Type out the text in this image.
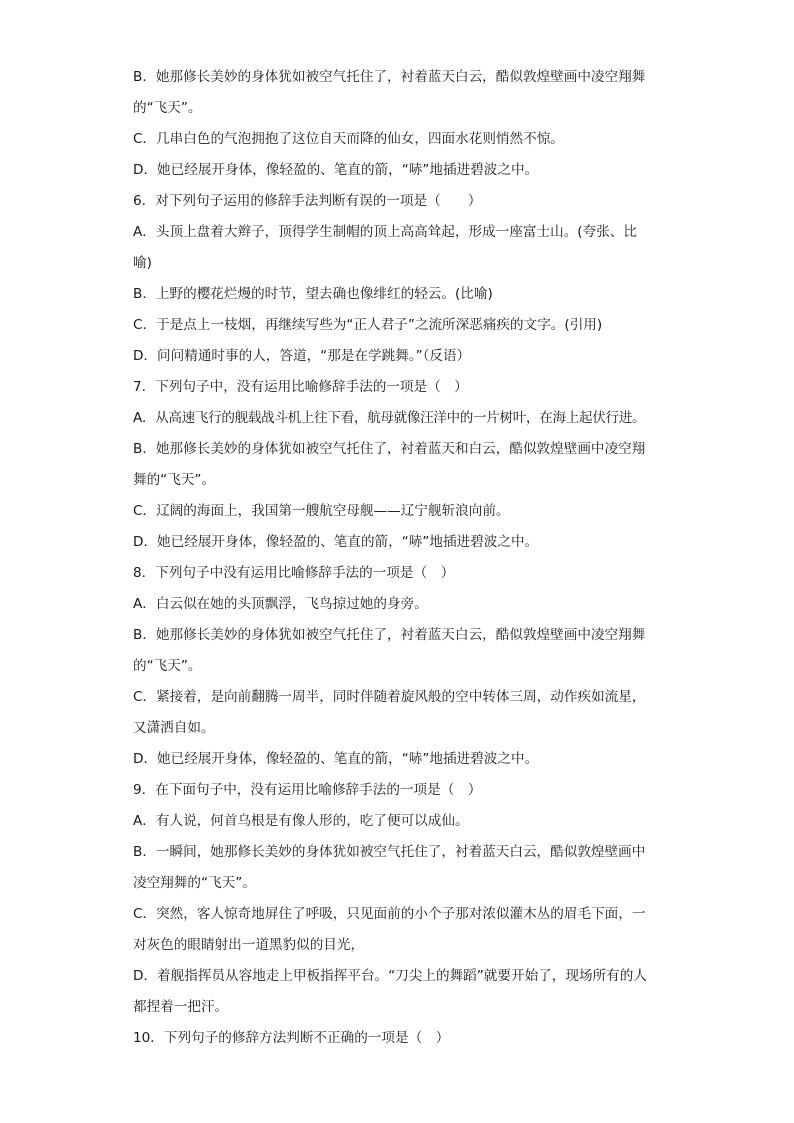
B．她那修长美妙的身体犹如被空气托住了，衬着蓝天白云，酷似敦煌壁画中凌空翔舞

的“飞天”。

C．几串白色的气泡拥抱了这位自天而降的仙女，四面水花则悄然不惊。

D．她已经展开身体，像轻盈的、笔直的箭，“哧”地插进碧波之中。

6．对下列句子运用的修辞手法判断有误的一项是（　　）

A．头顶上盘着大辫子，顶得学生制帽的顶上高高耸起，形成一座富士山。(夸张、比

喻)

B．上野的樱花烂熳的时节，望去确也像绯红的轻云。(比喻)

C．于是点上一枝烟，再继续写些为“正人君子”之流所深恶痛疾的文字。(引用)

D．问问精通时事的人，答道，“那是在学跳舞。”（反语）

7．下列句子中，没有运用比喻修辞手法的一项是（　）

A．从高速飞行的舰载战斗机上往下看，航母就像汪洋中的一片树叶，在海上起伏行进。

B．她那修长美妙的身体犹如被空气托住了，衬着蓝天和白云，酷似敦煌壁画中凌空翔

舞的“飞天”。

C．辽阔的海面上，我国第一艘航空母舰——辽宁舰斩浪向前。

D．她已经展开身体，像轻盈的、笔直的箭，“哧”地插进碧波之中。

8．下列句子中没有运用比喻修辞手法的一项是（　）

A．白云似在她的头顶飘浮，飞鸟掠过她的身旁。

B．她那修长美妙的身体犹如被空气托住了，衬着蓝天白云，酷似敦煌壁画中凌空翔舞

的“飞天”。

C．紧接着，是向前翻腾一周半，同时伴随着旋风般的空中转体三周，动作疾如流星，

又潇洒自如。

D．她已经展开身体，像轻盈的、笔直的箭，“哧”地插进碧波之中。

9．在下面句子中，没有运用比喻修辞手法的一项是（　）

A．有人说，何首乌根是有像人形的，吃了便可以成仙。

B．一瞬间，她那修长美妙的身体犹如被空气托住了，衬着蓝天白云，酷似敦煌壁画中

凌空翔舞的“飞天”。

C．突然，客人惊奇地屏住了呼吸，只见面前的小个子那对浓似灌木丛的眉毛下面，一

对灰色的眼睛射出一道黑豹似的目光，

D．着舰指挥员从容地走上甲板指挥平台。“刀尖上的舞蹈”就要开始了，现场所有的人

都捏着一把汗。

10．下列句子的修辞方法判断不正确的一项是（　）
